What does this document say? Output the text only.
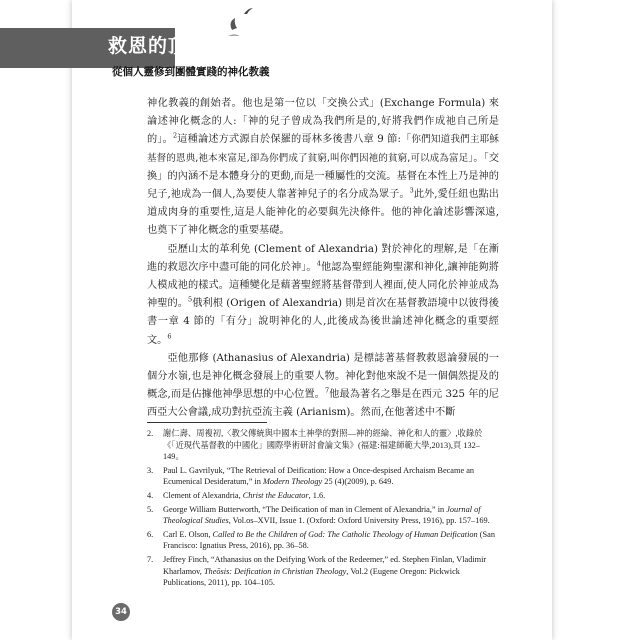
救恩的頂點
從個人靈修到團體實踐的神化教義

神化教義的創始者。他也是第一位以「交換公式」(Exchange Formula) 來論述神化概念的人:「神的兒子曾成為我們所是的,好將我們作成祂自己所是的」。$^2$這種論述方式源自於保羅的哥林多後書八章 9 節:「你們知道我們主耶穌基督的恩典,祂本來富足,卻為你們成了貧窮,叫你們因祂的貧窮,可以成為富足」。「交換」的內涵不是本體身分的更動,而是一種屬性的交流。基督在本性上乃是神的兒子,祂成為一個人,為要使人靠著神兒子的名分成為眾子。$^3$此外,愛任紐也點出道成肉身的重要性,這是人能神化的必要與先決條件。他的神化論述影響深遠,也奠下了神化概念的重要基礎。

亞歷山太的革利免 (Clement of Alexandria) 對於神化的理解,是「在漸進的救恩次序中盡可能的同化於神」。$^4$他認為聖經能夠聖潔和神化,讓神能夠將人模成祂的樣式。這種變化是藉著聖經將基督帶到人裡面,使人同化於神並成為神聖的。$^5$俄利根 (Origen of Alexandria) 則是首次在基督教語境中以彼得後書一章 4 節的「有分」說明神化的人,此後成為後世論述神化概念的重要經文。$^6$

亞他那修 (Athanasius of Alexandria) 是標誌著基督教救恩論發展的一個分水嶺,也是神化概念發展上的重要人物。神化對他來說不是一個偶然提及的概念,而是佔據他神學思想的中心位置。$^7$他最為著名之舉是在西元 325 年的尼西亞大公會議,成功對抗亞流主義 (Arianism)。然而,在他著述中不斷

2.	謝仁壽、周複初,〈教父傳統與中國本土神學的對照—神的經綸、神化和人的靈〉,收錄於《「近現代基督教的中國化」國際學術研討會論文集》(福建:福建師範大學,2013),頁 132–149。
3.	Paul L. Gavrilyuk, “The Retrieval of Deification: How a Once-despised Archaism Became an Ecumenical Desideratum,” in Modern Theology 25 (4)(2009), p. 649.
4.	Clement of Alexandria, Christ the Educator, 1.6.
5.	George William Butterworth, “The Deification of man in Clement of Alexandria,” in Journal of Theological Studies, Vol.os–XVII, Issue 1. (Oxford: Oxford University Press, 1916), pp. 157–169.
6.	Carl E. Olson, Called to Be the Children of God: The Catholic Theology of Human Deification (San Francisco: Ignatius Press, 2016), pp. 36–58.
7.	Jeffrey Finch, “Athanasius on the Deifying Work of the Redeemer,” ed. Stephen Finlan, Vladimir Kharlamov, Theōsis: Deification in Christian Theology, Vol.2 (Eugene Oregon: Pickwick Publications, 2011), pp. 104–105.
34
